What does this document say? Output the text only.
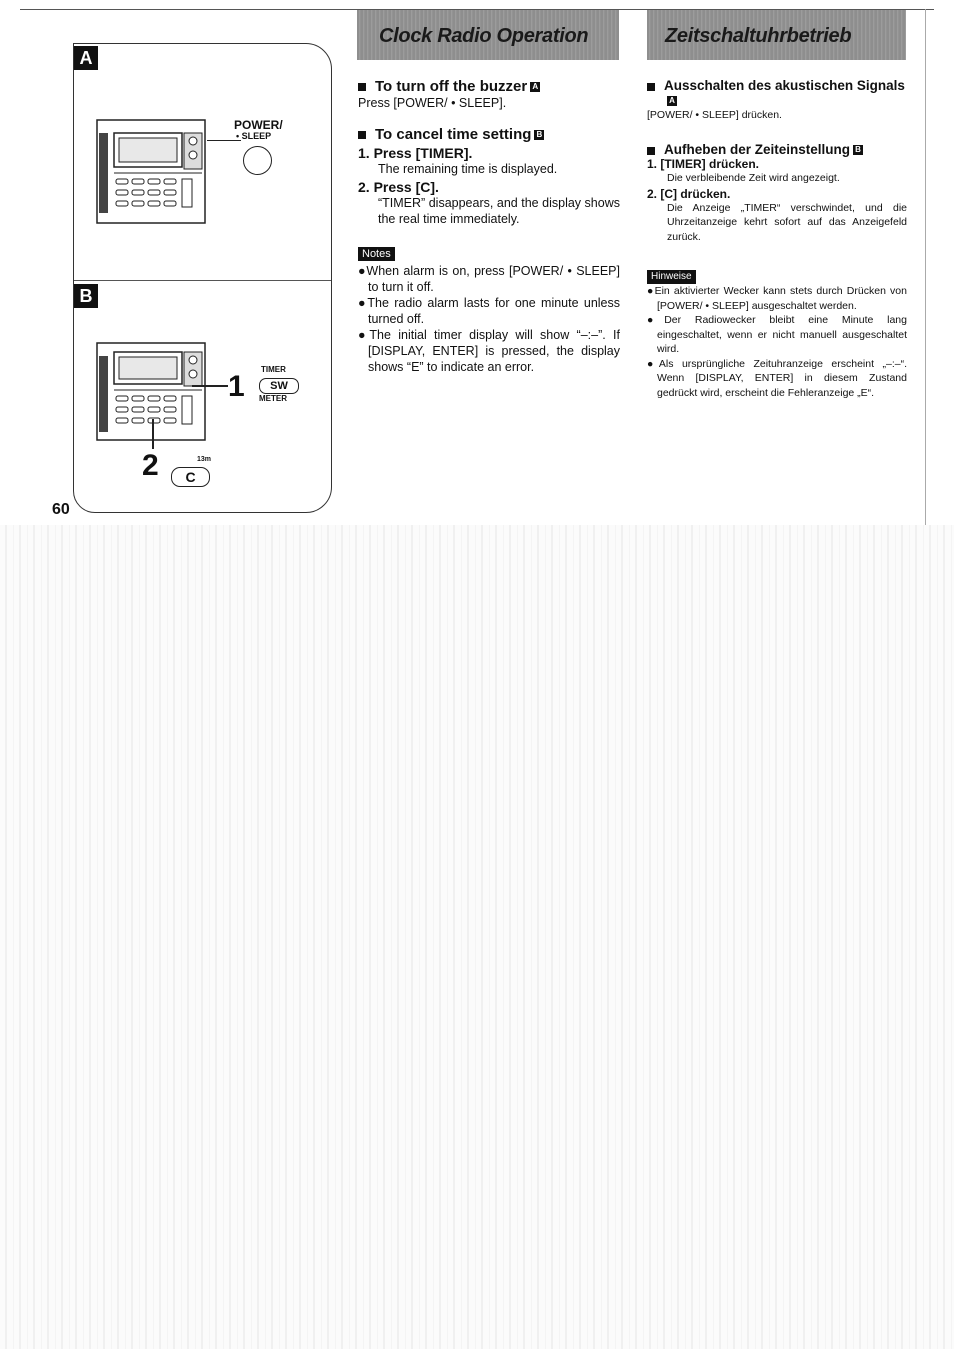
A
B
POWER/
• SLEEP
1
TIMER
SW
METER
2	13m
C
60
Clock Radio Operation	Zeitschaltuhrbetrieb
To turn off the buzzer A
Press [POWER/ • SLEEP].
To cancel time setting B
1. Press [TIMER].
The remaining time is displayed.
2. Press [C].
“TIMER” disappears, and the display shows the real time immediately.
Notes
●When alarm is on, press [POWER/ • SLEEP] to turn it off.
●The radio alarm lasts for one minute unless turned off.
●The initial timer display will show “–:–”. If [DISPLAY, ENTER] is pressed, the display shows “E” to indicate an error.
Ausschalten des akustischen SignalsA
[POWER/ • SLEEP] drücken.
Aufheben der Zeiteinstellung B
1. [TIMER] drücken.
Die verbleibende Zeit wird angezeigt.
2. [C] drücken.
Die Anzeige „TIMER“ verschwindet, und die Uhrzeitanzeige kehrt sofort auf das Anzeigefeld zurück.
Hinweise
●Ein aktivierter Wecker kann stets durch Drücken von [POWER/ • SLEEP] ausgeschaltet werden.
●Der Radiowecker bleibt eine Minute lang eingeschaltet, wenn er nicht manuell ausgeschaltet wird.
●Als ursprüngliche Zeituhranzeige erscheint „–:–“. Wenn [DISPLAY, ENTER] in diesem Zustand gedrückt wird, erscheint die Fehleranzeige „E“.
